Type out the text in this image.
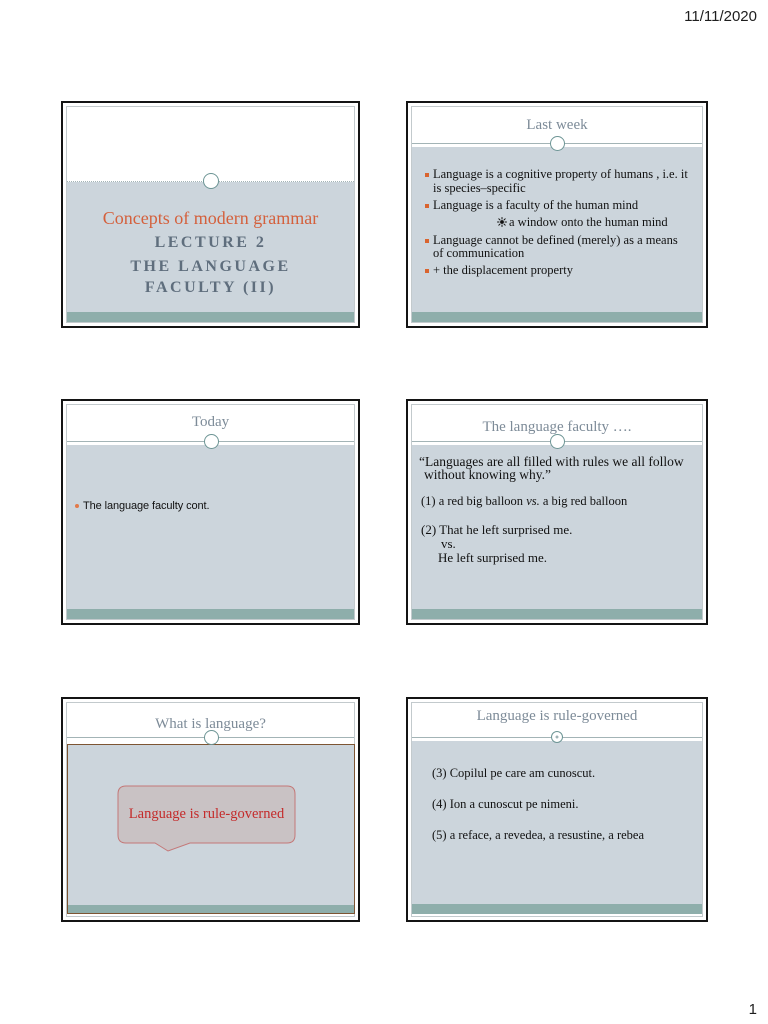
11/11/2020
Concepts of modern grammar
LECTURE 2
THE LANGUAGE
FACULTY (II)
Last week
Language is a cognitive property of humans , i.e. it
is species–specific
Language is a faculty of the human mind
a window onto the human mind
Language cannot be defined (merely) as a means
of communication
+ the displacement property
Today
The language faculty cont.
The language faculty ….
“Languages are all filled with rules we all follow
without knowing why.”
(1) a red big balloon vs. a big red balloon
(2) That he left surprised me.
vs.
He left surprised me.
What is language?
Language is rule-governed
Language is rule-governed
(3) Copilul pe care am cunoscut.
(4) Ion a cunoscut pe nimeni.
(5) a reface, a revedea, a resustine, a rebea
1
